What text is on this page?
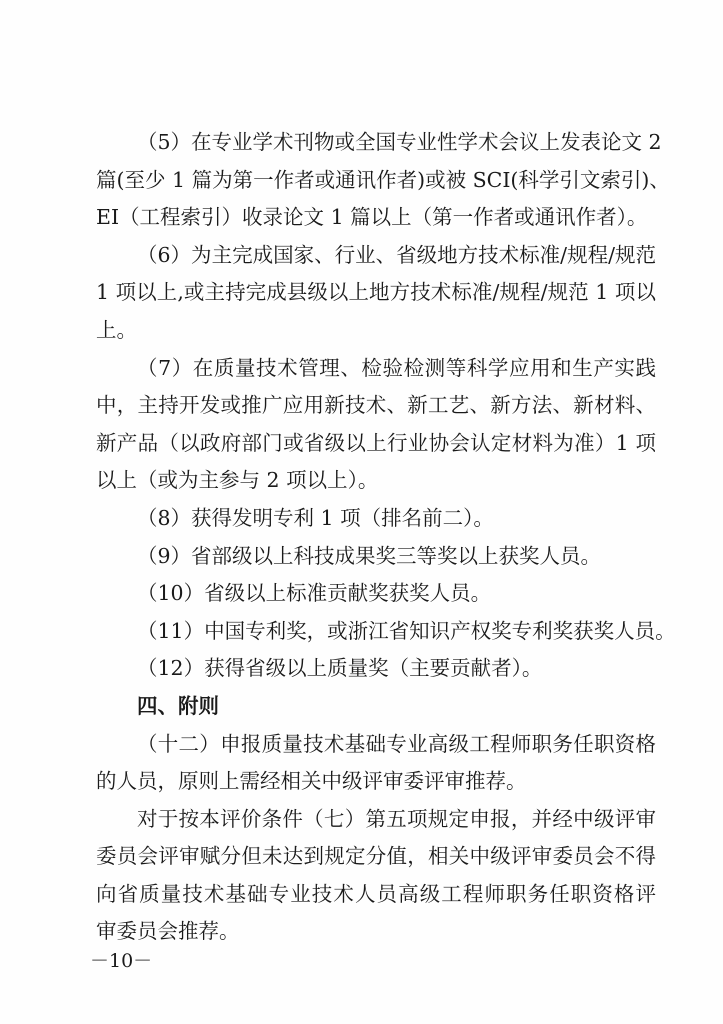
（5）在专业学术刊物或全国专业性学术会议上发表论文 2
篇(至少 1 篇为第一作者或通讯作者)或被 SCI(科学引文索引)、
EI（工程索引）收录论文 1 篇以上（第一作者或通讯作者）。
（6）为主完成国家、行业、省级地方技术标准/规程/规范
1 项以上,或主持完成县级以上地方技术标准/规程/规范 1 项以
上。
（7）在质量技术管理、检验检测等科学应用和生产实践
中，主持开发或推广应用新技术、新工艺、新方法、新材料、
新产品（以政府部门或省级以上行业协会认定材料为准）1 项
以上（或为主参与 2 项以上）。
（8）获得发明专利 1 项（排名前二）。
（9）省部级以上科技成果奖三等奖以上获奖人员。
（10）省级以上标准贡献奖获奖人员。
（11）中国专利奖，或浙江省知识产权奖专利奖获奖人员。
（12）获得省级以上质量奖（主要贡献者）。
四、附则
（十二）申报质量技术基础专业高级工程师职务任职资格
的人员，原则上需经相关中级评审委评审推荐。
对于按本评价条件（七）第五项规定申报，并经中级评审
委员会评审赋分但未达到规定分值，相关中级评审委员会不得
向省质量技术基础专业技术人员高级工程师职务任职资格评
审委员会推荐。
－10－
